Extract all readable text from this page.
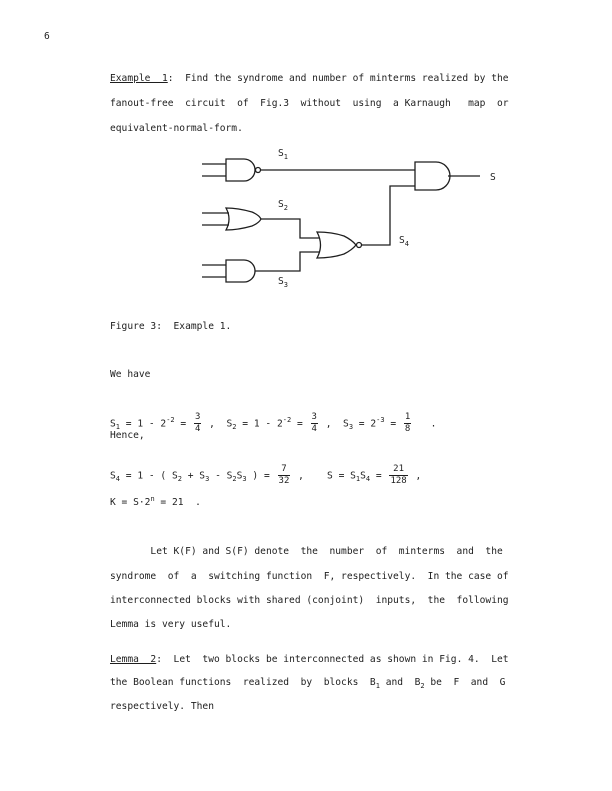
6
Example  1:  Find the syndrome and number of minterms realized by the
fanout-free  circuit  of  Fig.3  without  using  a Karnaugh   map  or
equivalent-normal-form.
$S_1$
$S_2$
$S_3$
$S_4$
S
Figure 3:  Example 1.
We have

$S_1 = 1 - 2^{-2} = \frac{3}{4}$ ,  $S_2 = 1 - 2^{-2} = \frac{3}{4}$ ,  $S_3 = 2^{-3} = \frac{1}{8}$ .

Hence,

$S_4 = 1$ - ( $S_2 + S_3 - S_2S_3$ ) = $\frac{7}{32}$ ,    $S = S_1S_4 = \frac{21}{128}$ ,

$K = S\cdot 2^n = 21$  .
Let K(F) and S(F) denote  the  number  of  minterms  and  the
syndrome  of  a  switching function  F, respectively.  In the case of
interconnected blocks with shared (conjoint)  inputs,  the  following
Lemma is very useful.
Lemma  2:  Let  two blocks be interconnected as shown in Fig. 4.  Let
the Boolean functions  realized  by  blocks  $B_1$ and  $B_2$ be  F  and  G
respectively. Then
